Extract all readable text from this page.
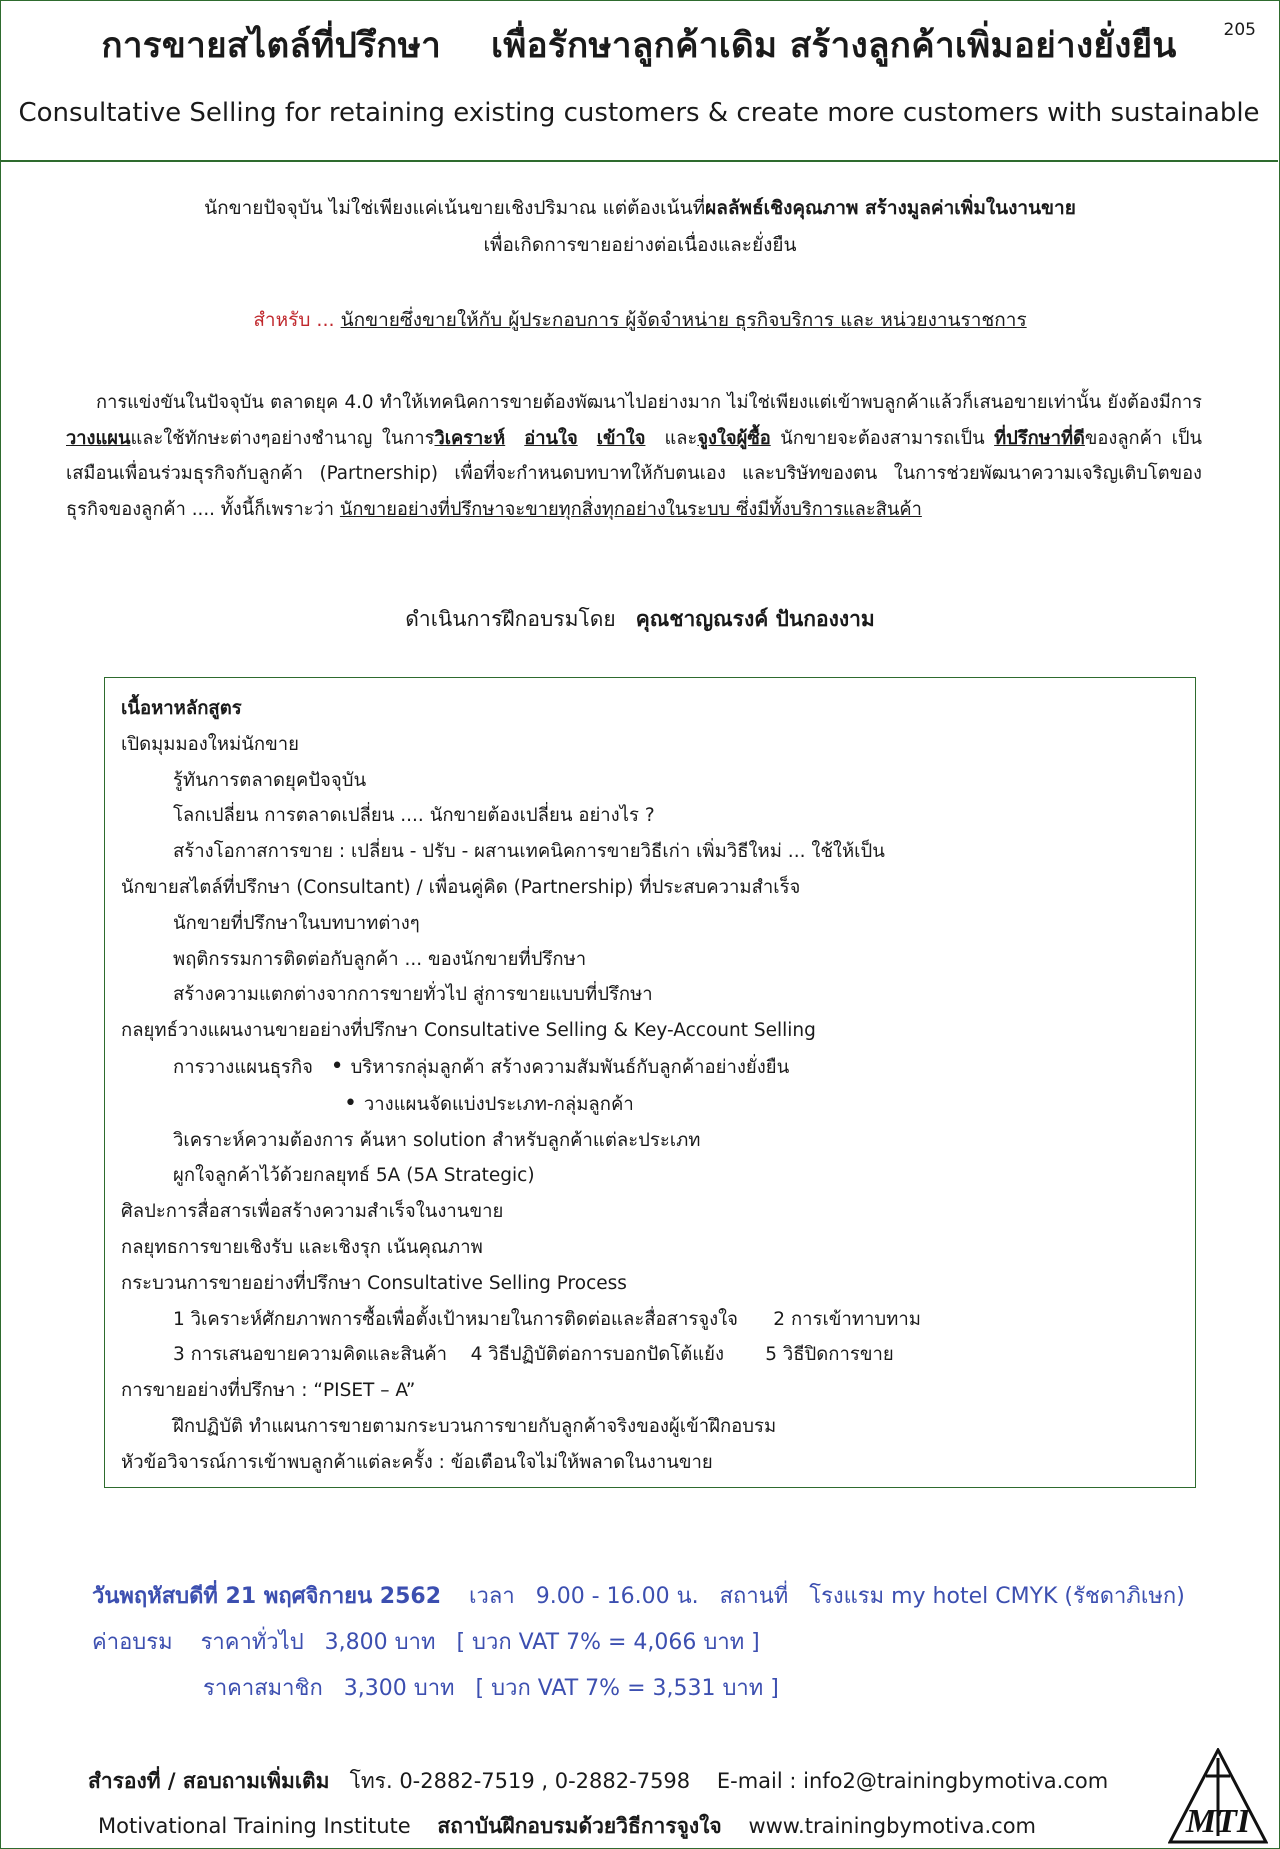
การขายสไตล์ที่ปรึกษา    เพื่อรักษาลูกค้าเดิม สร้างลูกค้าเพิ่มอย่างยั่งยืน	205
Consultative Selling for retaining existing customers & create more customers with sustainable
นักขายปัจจุบัน ไม่ใช่เพียงแค่เน้นขายเชิงปริมาณ แต่ต้องเน้นที่ผลลัพธ์เชิงคุณภาพ สร้างมูลค่าเพิ่มในงานขาย
เพื่อเกิดการขายอย่างต่อเนื่องและยั่งยืน
สำหรับ ... นักขายซึ่งขายให้กับ ผู้ประกอบการ ผู้จัดจำหน่าย ธุรกิจบริการ และ หน่วยงานราชการ
การแข่งขันในปัจจุบัน ตลาดยุค 4.0 ทำให้เทคนิคการขายต้องพัฒนาไปอย่างมาก ไม่ใช่เพียงแต่เข้าพบลูกค้าแล้วก็เสนอขายเท่านั้น ยังต้องมีการวางแผนและใช้ทักษะต่างๆอย่างชำนาญ ในการวิเคราะห์ อ่านใจ เข้าใจ และจูงใจผู้ซื้อ นักขายจะต้องสามารถเป็น ที่ปรึกษาที่ดีของลูกค้า เป็นเสมือนเพื่อนร่วมธุรกิจกับลูกค้า (Partnership) เพื่อที่จะกำหนดบทบาทให้กับตนเอง และบริษัทของตน ในการช่วยพัฒนาความเจริญเติบโตของธุรกิจของลูกค้า .... ทั้งนี้ก็เพราะว่า นักขายอย่างที่ปรึกษาจะขายทุกสิ่งทุกอย่างในระบบ ซึ่งมีทั้งบริการและสินค้า
ดำเนินการฝึกอบรมโดย คุณชาญณรงค์ ปันกองงาม
เนื้อหาหลักสูตร
เปิดมุมมองใหม่นักขาย
รู้ทันการตลาดยุคปัจจุบัน
โลกเปลี่ยน การตลาดเปลี่ยน .... นักขายต้องเปลี่ยน อย่างไร ?
สร้างโอกาสการขาย : เปลี่ยน - ปรับ - ผสานเทคนิคการขายวิธีเก่า เพิ่มวิธีใหม่ ... ใช้ให้เป็น
นักขายสไตล์ที่ปรึกษา (Consultant) / เพื่อนคู่คิด (Partnership) ที่ประสบความสำเร็จ
นักขายที่ปรึกษาในบทบาทต่างๆ
พฤติกรรมการติดต่อกับลูกค้า ... ของนักขายที่ปรึกษา
สร้างความแตกต่างจากการขายทั่วไป สู่การขายแบบที่ปรึกษา
กลยุทธ์วางแผนงานขายอย่างที่ปรึกษา Consultative Selling & Key-Account Selling
การวางแผนธุรกิจ • บริหารกลุ่มลูกค้า สร้างความสัมพันธ์กับลูกค้าอย่างยั่งยืน
• วางแผนจัดแบ่งประเภท-กลุ่มลูกค้า
วิเคราะห์ความต้องการ ค้นหา solution สำหรับลูกค้าแต่ละประเภท
ผูกใจลูกค้าไว้ด้วยกลยุทธ์ 5A (5A Strategic)
ศิลปะการสื่อสารเพื่อสร้างความสำเร็จในงานขาย
กลยุทธการขายเชิงรับ และเชิงรุก เน้นคุณภาพ
กระบวนการขายอย่างที่ปรึกษา Consultative Selling Process
1 วิเคราะห์ศักยภาพการซื้อเพื่อตั้งเป้าหมายในการติดต่อและสื่อสารจูงใจ      2 การเข้าทาบทาม
3 การเสนอขายความคิดและสินค้า    4 วิธีปฏิบัติต่อการบอกปัดโต้แย้ง       5 วิธีปิดการขาย
การขายอย่างที่ปรึกษา : “PISET – A”
ฝึกปฏิบัติ ทำแผนการขายตามกระบวนการขายกับลูกค้าจริงของผู้เข้าฝึกอบรม
หัวข้อวิจารณ์การเข้าพบลูกค้าแต่ละครั้ง : ข้อเตือนใจไม่ให้พลาดในงานขาย
วันพฤหัสบดีที่ 21 พฤศจิกายน 2562 เวลา 9.00 - 16.00 น. สถานที่ โรงแรม my hotel CMYK (รัชดาภิเษก)
ค่าอบรม ราคาทั่วไป 3,800 บาท [ บวก VAT 7% = 4,066 บาท ]
ราคาสมาชิก 3,300 บาท [ บวก VAT 7% = 3,531 บาท ]
สำรองที่ / สอบถามเพิ่มเติม โทร. 0-2882-7519 , 0-2882-7598 E-mail : info2@trainingbymotiva.com
Motivational Training Institute สถาบันฝึกอบรมด้วยวิธีการจูงใจ www.trainingbymotiva.com	MTI
